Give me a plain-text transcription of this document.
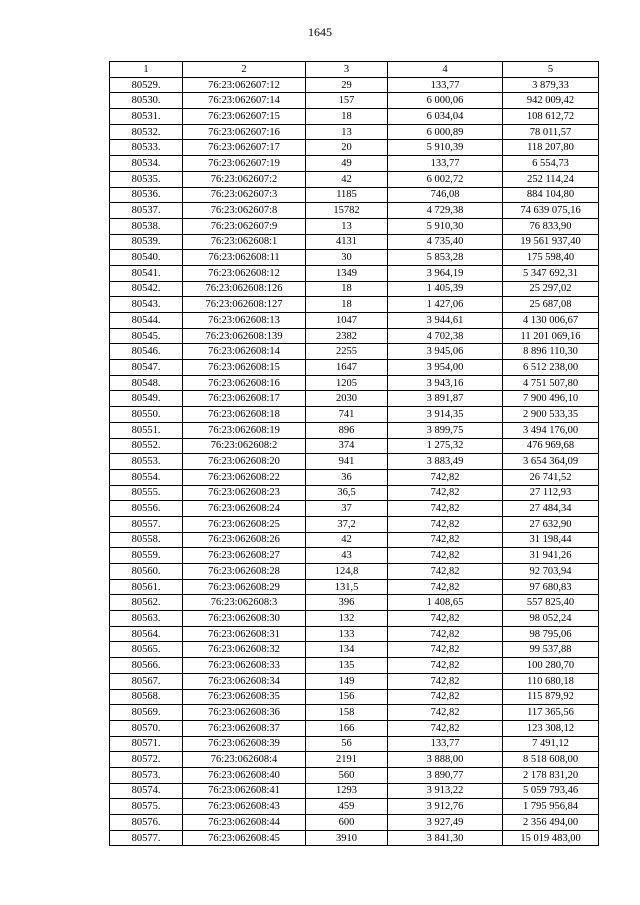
1645
1	2	3	4	5
80529.	76:23:062607:12	29	133,77	3 879,33
80530.	76:23:062607:14	157	6 000,06	942 009,42
80531.	76:23:062607:15	18	6 034,04	108 612,72
80532.	76:23:062607:16	13	6 000,89	78 011,57
80533.	76:23:062607:17	20	5 910,39	118 207,80
80534.	76:23:062607:19	49	133,77	6 554,73
80535.	76:23:062607:2	42	6 002,72	252 114,24
80536.	76:23:062607:3	1185	746,08	884 104,80
80537.	76:23:062607:8	15782	4 729,38	74 639 075,16
80538.	76:23:062607:9	13	5 910,30	76 833,90
80539.	76:23:062608:1	4131	4 735,40	19 561 937,40
80540.	76:23:062608:11	30	5 853,28	175 598,40
80541.	76:23:062608:12	1349	3 964,19	5 347 692,31
80542.	76:23:062608:126	18	1 405,39	25 297,02
80543.	76:23:062608:127	18	1 427,06	25 687,08
80544.	76:23:062608:13	1047	3 944,61	4 130 006,67
80545.	76:23:062608:139	2382	4 702,38	11 201 069,16
80546.	76:23:062608:14	2255	3 945,06	8 896 110,30
80547.	76:23:062608:15	1647	3 954,00	6 512 238,00
80548.	76:23:062608:16	1205	3 943,16	4 751 507,80
80549.	76:23:062608:17	2030	3 891,87	7 900 496,10
80550.	76:23:062608:18	741	3 914,35	2 900 533,35
80551.	76:23:062608:19	896	3 899,75	3 494 176,00
80552.	76:23:062608:2	374	1 275,32	476 969,68
80553.	76:23:062608:20	941	3 883,49	3 654 364,09
80554.	76:23:062608:22	36	742,82	26 741,52
80555.	76:23:062608:23	36,5	742,82	27 112,93
80556.	76:23:062608:24	37	742,82	27 484,34
80557.	76:23:062608:25	37,2	742,82	27 632,90
80558.	76:23:062608:26	42	742,82	31 198,44
80559.	76:23:062608:27	43	742,82	31 941,26
80560.	76:23:062608:28	124,8	742,82	92 703,94
80561.	76:23:062608:29	131,5	742,82	97 680,83
80562.	76:23:062608:3	396	1 408,65	557 825,40
80563.	76:23:062608:30	132	742,82	98 052,24
80564.	76:23:062608:31	133	742,82	98 795,06
80565.	76:23:062608:32	134	742,82	99 537,88
80566.	76:23:062608:33	135	742,82	100 280,70
80567.	76:23:062608:34	149	742,82	110 680,18
80568.	76:23:062608:35	156	742,82	115 879,92
80569.	76:23:062608:36	158	742,82	117 365,56
80570.	76:23:062608:37	166	742,82	123 308,12
80571.	76:23:062608:39	56	133,77	7 491,12
80572.	76:23:062608:4	2191	3 888,00	8 518 608,00
80573.	76:23:062608:40	560	3 890,77	2 178 831,20
80574.	76:23:062608:41	1293	3 913,22	5 059 793,46
80575.	76:23:062608:43	459	3 912,76	1 795 956,84
80576.	76:23:062608:44	600	3 927,49	2 356 494,00
80577.	76:23:062608:45	3910	3 841,30	15 019 483,00
